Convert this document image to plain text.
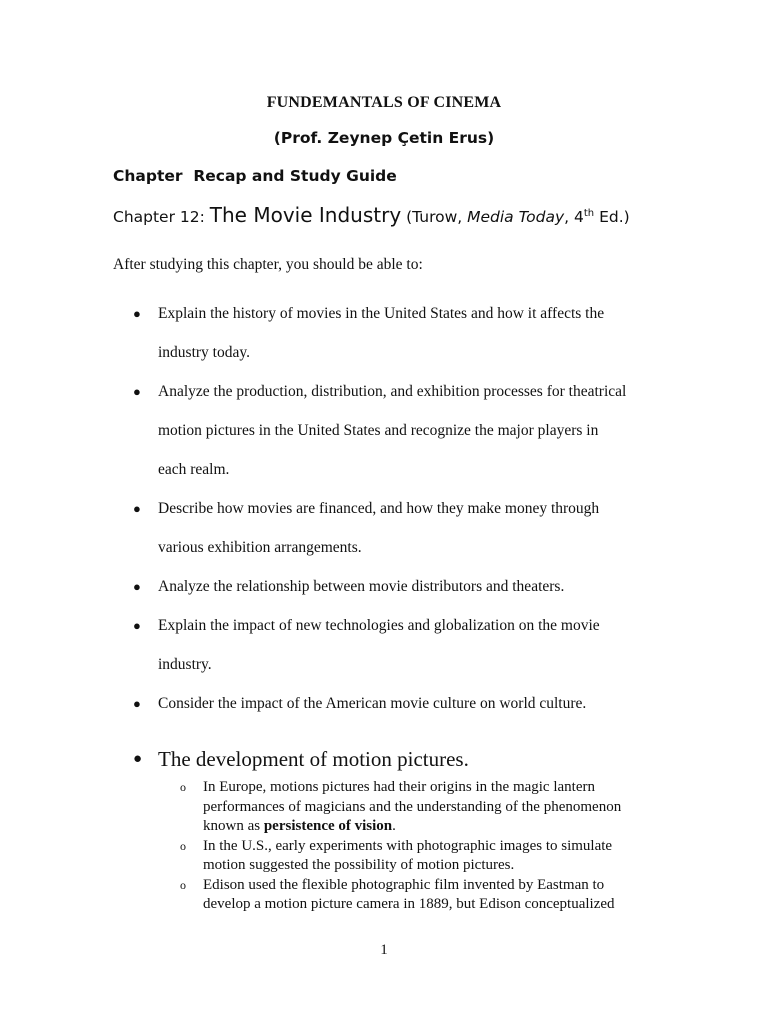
FUNDEMANTALS OF CINEMA
(Prof. Zeynep Çetin Erus)
Chapter  Recap and Study Guide
Chapter 12: The Movie Industry (Turow, Media Today, 4th Ed.)
After studying this chapter, you should be able to:
● Explain the history of movies in the United States and how it affects the
industry today.
● Analyze the production, distribution, and exhibition processes for theatrical
motion pictures in the United States and recognize the major players in
each realm.
● Describe how movies are financed, and how they make money through
various exhibition arrangements.
● Analyze the relationship between movie distributors and theaters.
● Explain the impact of new technologies and globalization on the movie
industry.
● Consider the impact of the American movie culture on world culture.
● The development of motion pictures.
o In Europe, motions pictures had their origins in the magic lantern performances of magicians and the understanding of the phenomenon known as persistence of vision.
o In the U.S., early experiments with photographic images to simulate motion suggested the possibility of motion pictures.
o Edison used the flexible photographic film invented by Eastman to develop a motion picture camera in 1889, but Edison conceptualized
1
